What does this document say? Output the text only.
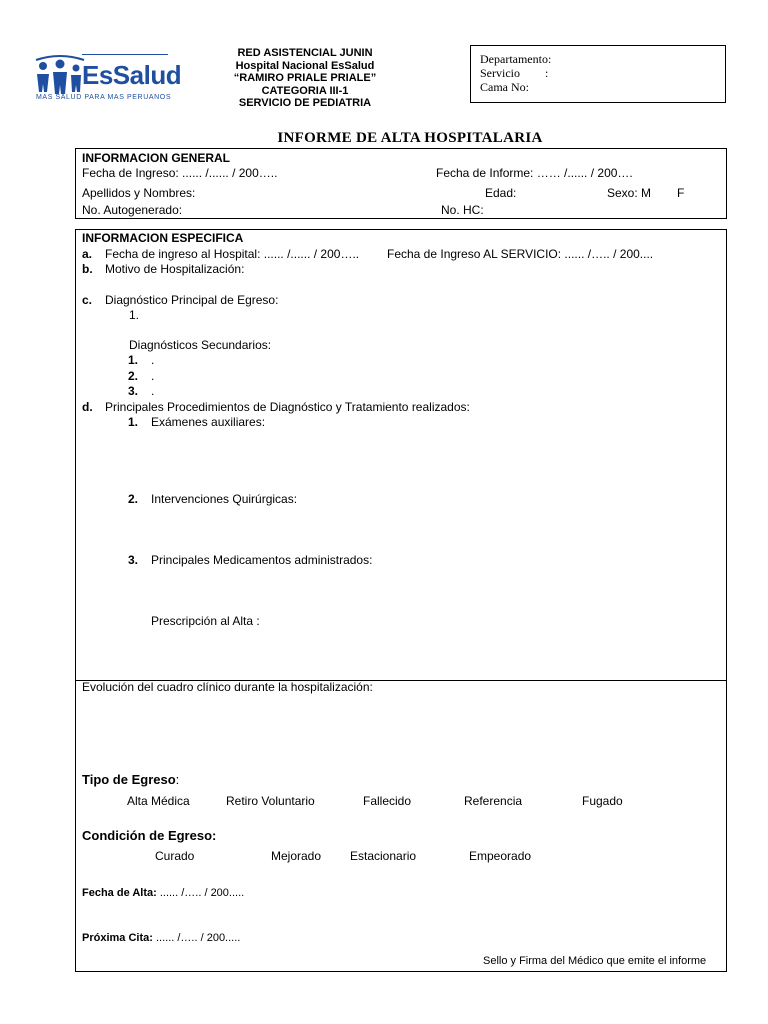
EsSalud
MAS SALUD PARA MAS PERUANOS
RED ASISTENCIAL JUNIN
Hospital Nacional EsSalud
“RAMIRO PRIALE PRIALE”
CATEGORIA III-1
SERVICIO DE PEDIATRIA
Departamento:
Servicio :
Cama No:
INFORME DE ALTA HOSPITALARIA
INFORMACION GENERAL
Fecha de Ingreso: ...... /...... / 200…..	Fecha de Informe: …… /...... / 200….
Apellidos y Nombres:	Edad:	Sexo: M F
No. Autogenerado:	No. HC:
INFORMACION ESPECIFICA
a. Fecha de ingreso al Hospital: ...... /...... / 200….. Fecha de Ingreso AL SERVICIO: ...... /….. / 200....
b. Motivo de Hospitalización:
c. Diagnóstico Principal de Egreso:
1.
Diagnósticos Secundarios:
1. .
2. .
3. .
d. Principales Procedimientos de Diagnóstico y Tratamiento realizados:
1. Exámenes auxiliares:
2. Intervenciones Quirúrgicas:
3. Principales Medicamentos administrados:
Prescripción al Alta :
Evolución del cuadro clínico durante la hospitalización:
Tipo de Egreso:
Alta Médica	Retiro Voluntario	Fallecido	Referencia	Fugado
Condición de Egreso:
Curado	Mejorado Estacionario	Empeorado
Fecha de Alta: ...... /….. / 200.....
Próxima Cita: ...... /….. / 200.....
Sello y Firma del Médico que emite el informe
